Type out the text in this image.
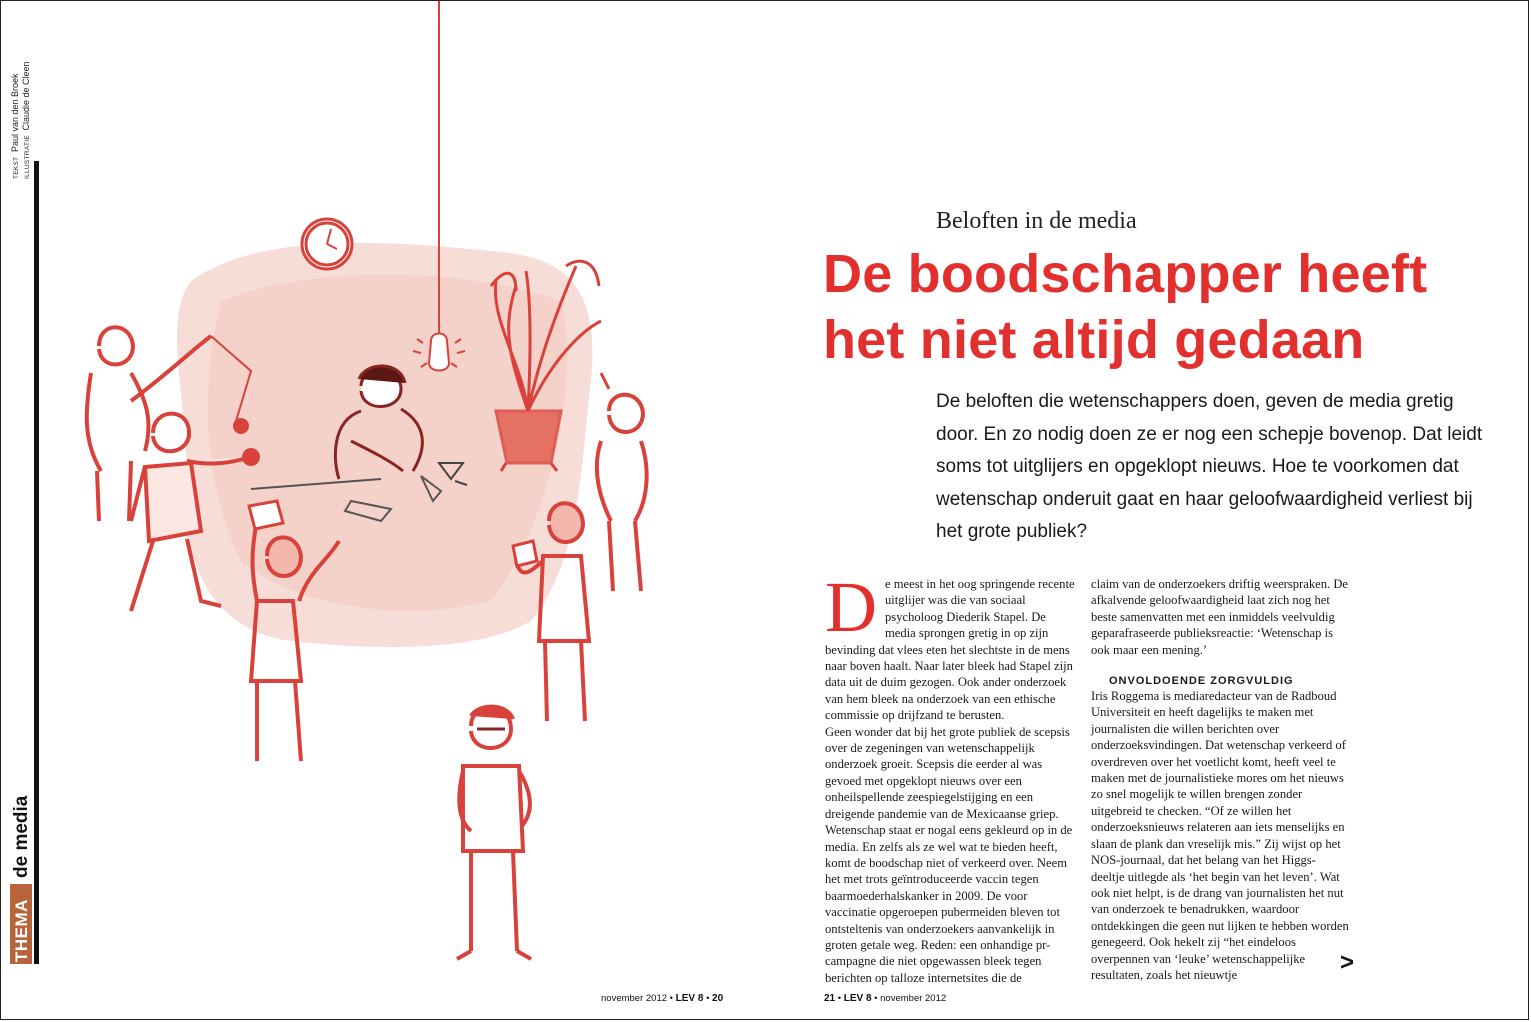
TEKST Paul van den Broek
ILLUSTRATIE Claudie de Cleen
de media
THEMA
Beloften in de media
De boodschapper heeft
het niet altijd gedaan

De beloften die wetenschappers doen, geven de media gretig door. En zo nodig doen ze er nog een schepje bovenop. Dat leidt soms tot uitglijers en opgeklopt nieuws. Hoe te voorkomen dat wetenschap onderuit gaat en haar geloofwaardigheid verliest bij het grote publiek?

De meest in het oog springende recente uitglijer was die van sociaal psycholoog Diederik Stapel. De media sprongen gretig in op zijn bevinding dat vlees eten het slechtste in de mens naar boven haalt. Naar later bleek had Stapel zijn data uit de duim gezogen. Ook ander onderzoek van hem bleek na onderzoek van een ethische commissie op drijfzand te berusten.

Geen wonder dat bij het grote publiek de scepsis over de zegeningen van wetenschappelijk onderzoek groeit. Scepsis die eerder al was gevoed met opgeklopt nieuws over een onheilspellende zeespiegelstijging en een dreigende pandemie van de Mexicaanse griep. Wetenschap staat er nogal eens gekleurd op in de media. En zelfs als ze wel wat te bieden heeft, komt de boodschap niet of verkeerd over. Neem het met trots geïntroduceerde vaccin tegen baarmoederhalskanker in 2009. De voor vaccinatie opgeroepen pubermeiden bleven tot ontsteltenis van onderzoekers aanvankelijk in groten getale weg. Reden: een onhandige pr-campagne die niet opgewassen bleek tegen berichten op talloze internetsites die de

claim van de onderzoekers driftig weerspraken. De afkalvende geloofwaardigheid laat zich nog het beste samenvatten met een inmiddels veelvuldig geparafraseerde publieksreactie: ‘Wetenschap is ook maar een mening.’

ONVOLDOENDE ZORGVULDIG

Iris Roggema is mediaredacteur van de Radboud Universiteit en heeft dagelijks te maken met journalisten die willen berichten over onderzoeksvindingen. Dat wetenschap verkeerd of overdreven over het voetlicht komt, heeft veel te maken met de journalistieke mores om het nieuws zo snel mogelijk te willen brengen zonder uitgebreid te checken. “Of ze willen het onderzoeksnieuws relateren aan iets menselijks en slaan de plank dan vreselijk mis.” Zij wijst op het NOS-journaal, dat het belang van het Higgs-deeltje uitlegde als ‘het begin van het leven’. Wat ook niet helpt, is de drang van journalisten het nut van onderzoek te benadrukken, waardoor ontdekkingen die geen nut lijken te hebben worden genegeerd. Ook hekelt zij “het eindeloos overpennen van ‘leuke’ wetenschappelijke resultaten, zoals het nieuwtje	>
november 2012 • LEV 8 • 20	21 • LEV 8 • november 2012
